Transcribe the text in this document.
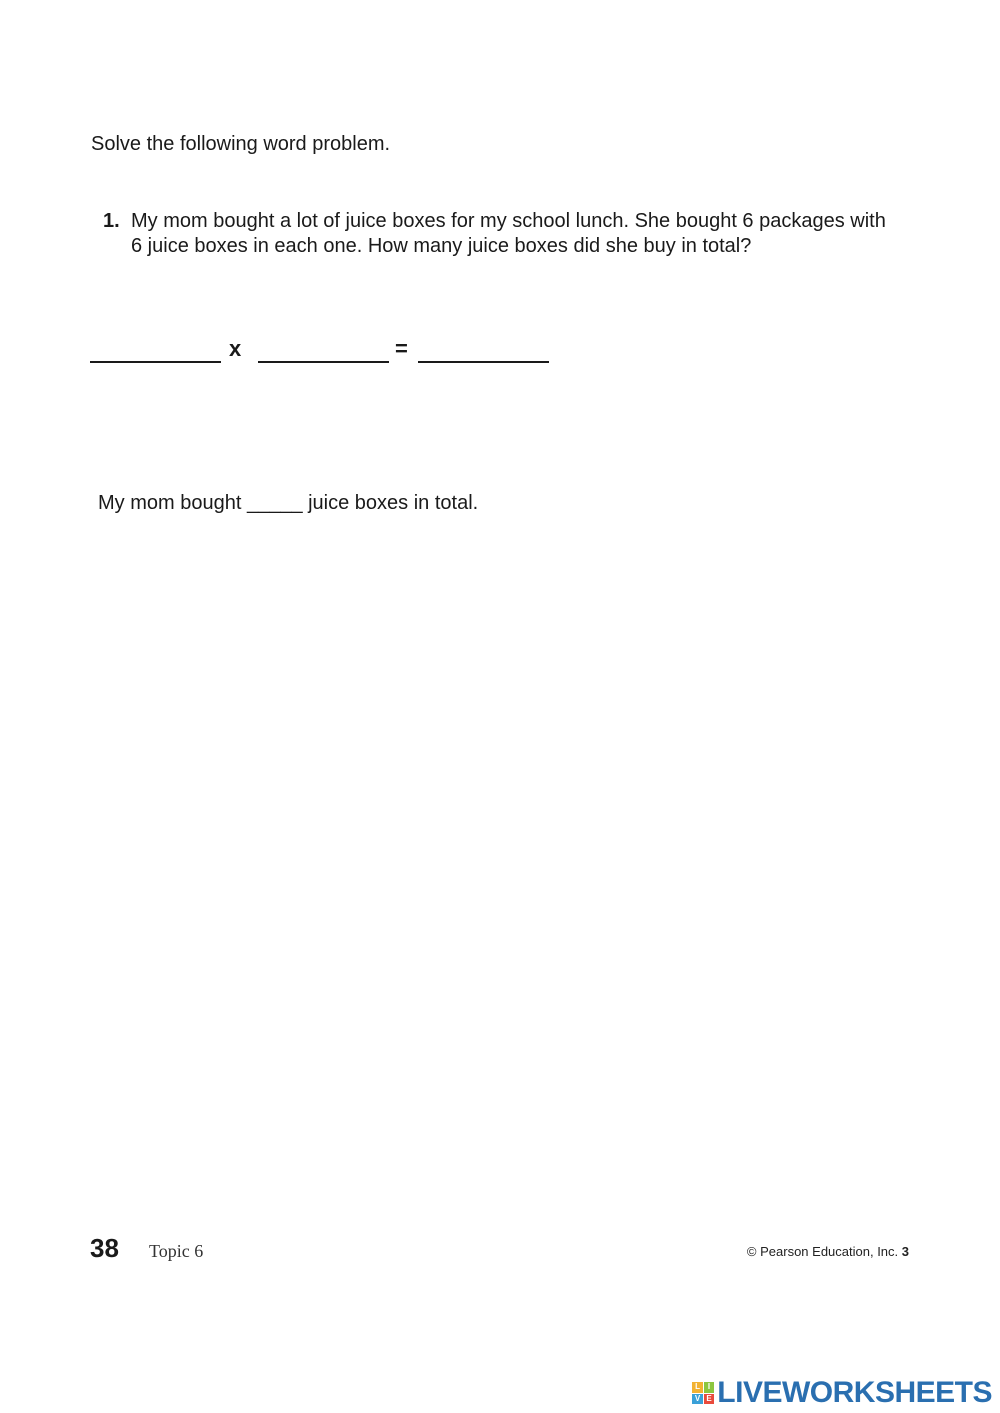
Solve the following word problem.
1. My mom bought a lot of juice boxes for my school lunch. She bought 6 packages with 6 juice boxes in each one. How many juice boxes did she buy in total?
x	=
My mom bought _____ juice boxes in total.
38 Topic 6	© Pearson Education, Inc. 3
L I
V E LIVEWORKSHEETS
